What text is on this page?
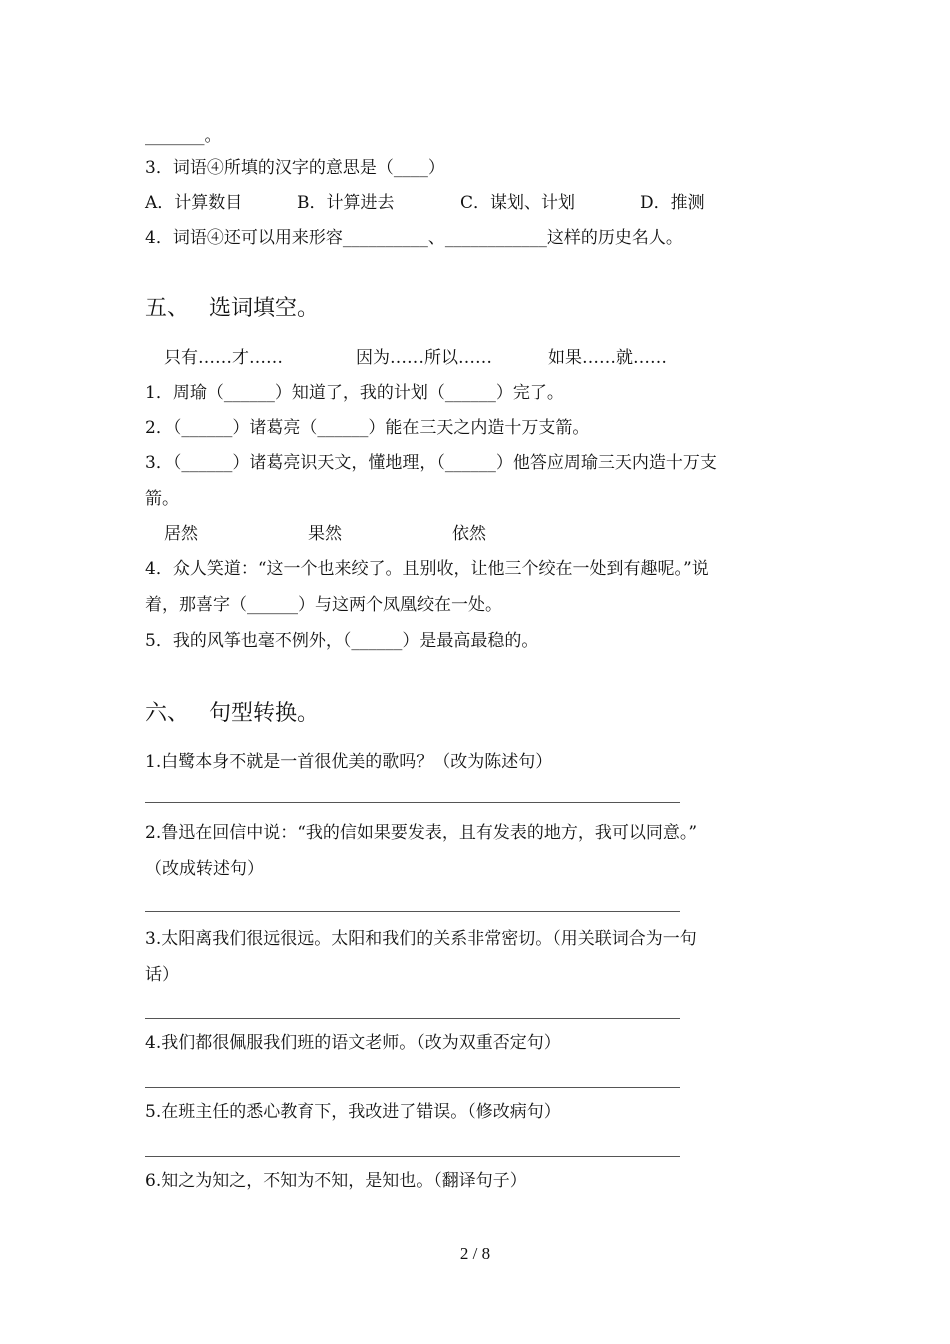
_______。
3．词语④所填的汉字的意思是（____）
A．计算数目	B．计算进去	C．谋划、计划	D．推测
4．词语④还可以用来形容__________、____________这样的历史名人。
五、 选词填空。
只有……才……	因为……所以……	如果……就……
1．周瑜（______）知道了，我的计划（______）完了。
2．（______）诸葛亮（______）能在三天之内造十万支箭。
3．（______）诸葛亮识天文，懂地理，（______）他答应周瑜三天内造十万支
箭。
居然	果然	依然
4．众人笑道：“这一个也来绞了。且别收，让他三个绞在一处到有趣呢。”说
着，那喜字（______）与这两个凤凰绞在一处。
5．我的风筝也毫不例外，（______）是最高最稳的。
六、 句型转换。
1.白鹭本身不就是一首很优美的歌吗？（改为陈述句）
2.鲁迅在回信中说：“我的信如果要发表，且有发表的地方，我可以同意。”
（改成转述句）
3.太阳离我们很远很远。太阳和我们的关系非常密切。（用关联词合为一句
话）
4.我们都很佩服我们班的语文老师。（改为双重否定句）
5.在班主任的悉心教育下，我改进了错误。（修改病句）
6.知之为知之，不知为不知，是知也。（翻译句子）
2 / 8
